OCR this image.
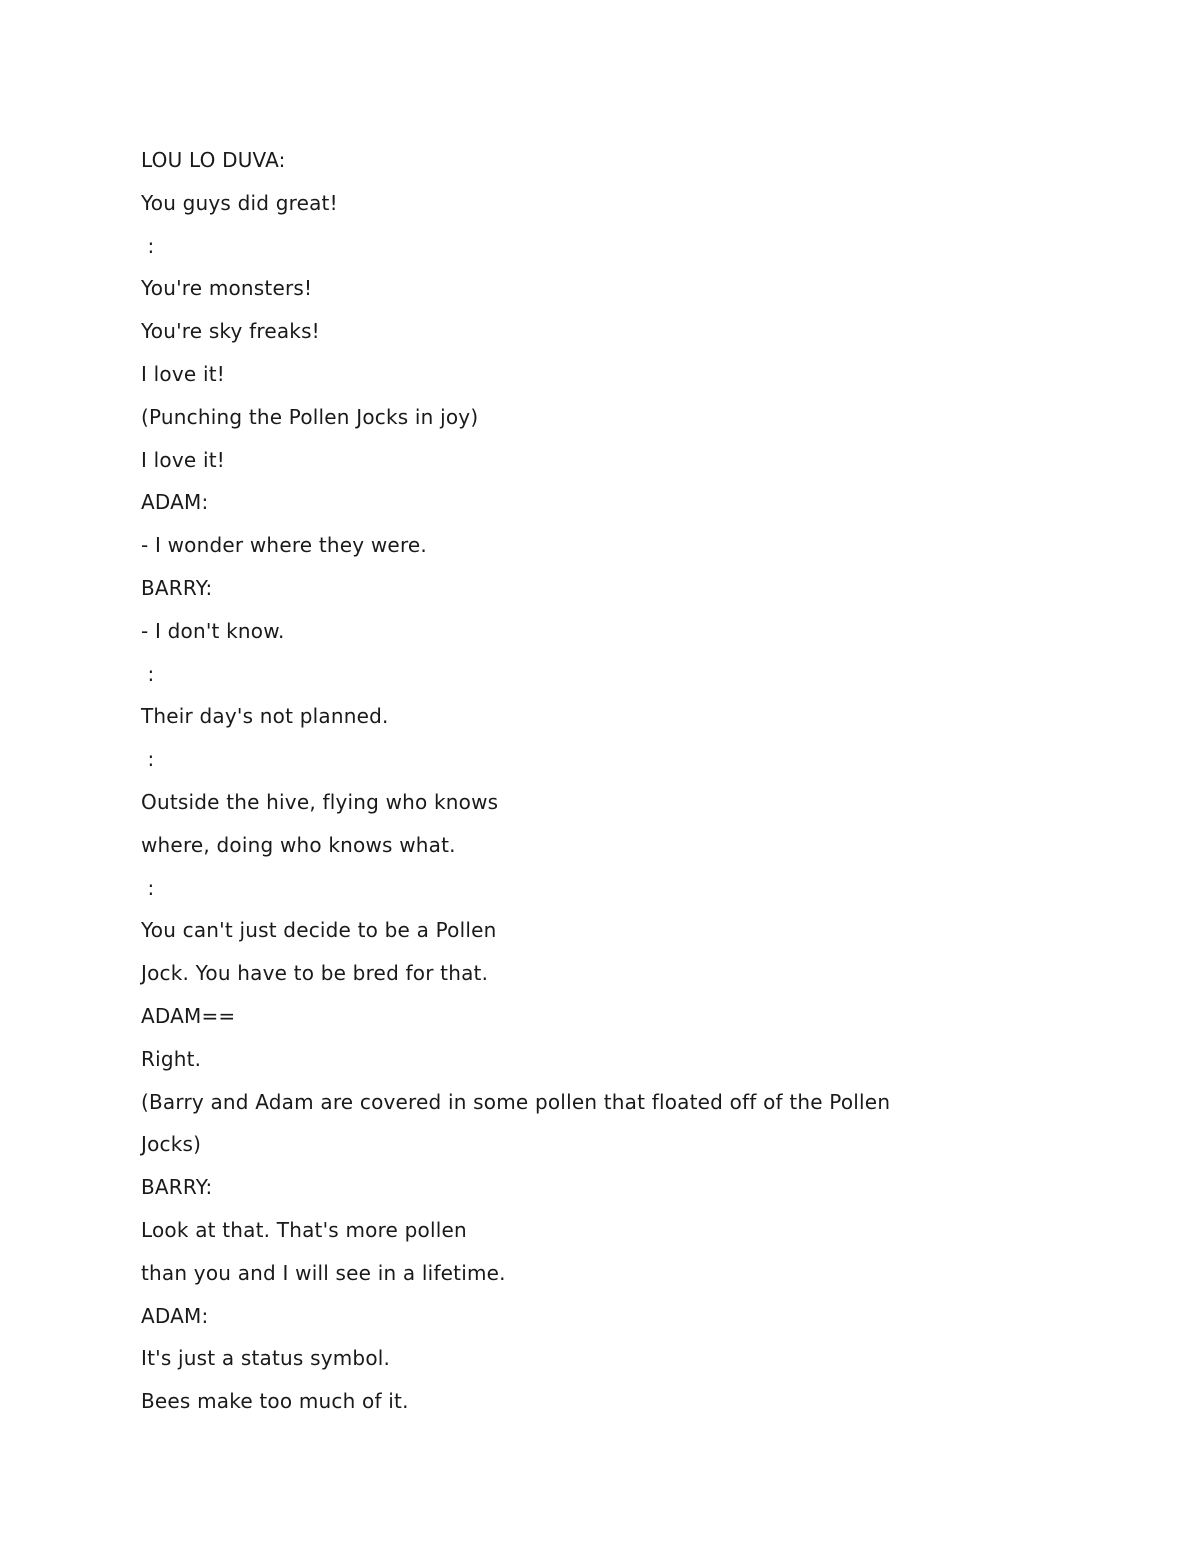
LOU LO DUVA:
You guys did great!
:
You're monsters!
You're sky freaks!
I love it!
(Punching the Pollen Jocks in joy)
I love it!
ADAM:
- I wonder where they were.
BARRY:
- I don't know.
:
Their day's not planned.
:
Outside the hive, flying who knows
where, doing who knows what.
:
You can't just decide to be a Pollen
Jock. You have to be bred for that.
ADAM==
Right.
(Barry and Adam are covered in some pollen that floated off of the Pollen
Jocks)
BARRY:
Look at that. That's more pollen
than you and I will see in a lifetime.
ADAM:
It's just a status symbol.
Bees make too much of it.
